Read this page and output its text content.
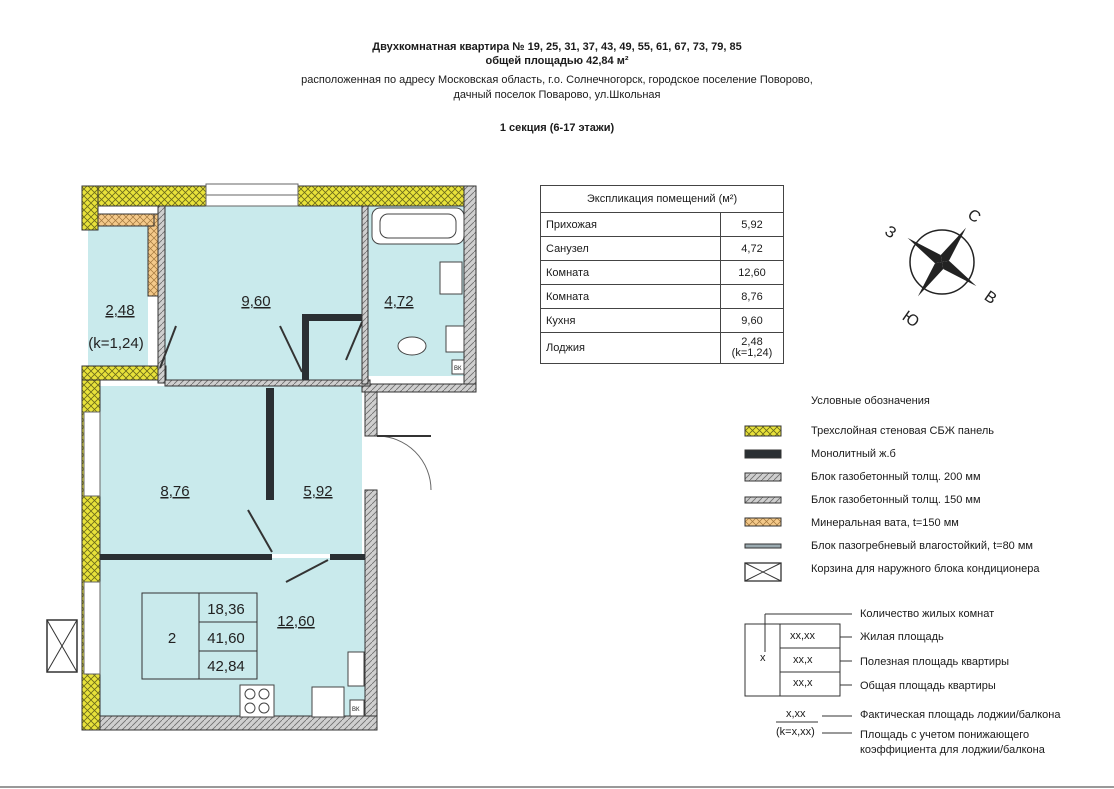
Двухкомнатная квартира № 19, 25, 31, 37, 43, 49, 55, 61, 67, 73, 79, 85
общей площадью 42,84 м²
расположенная по адресу Московская область, г.о. Солнечногорск, городское поселение Поворово,
дачный поселок Поварово, ул.Школьная
1 секция (6-17 этажи)
ВК
ВК
2,48
(k=1,24)
9,60	4,72
8,76	5,92
12,60
2
18,36
41,60
42,84
С
В
Ю
З
Экспликация помещений (м²)	
Прихожая	5,92
Санузел	4,72
Комната	12,60
Комната	8,76
Кухня	9,60
Лоджия	2,48
(k=1,24)
Условные обозначения
Трехслойная стеновая СБЖ панель
Монолитный ж.б
Блок газобетонный толщ. 200 мм
Блок газобетонный толщ. 150 мм
Минеральная вата, t=150 мм
Блок пазогребневый влагостойкий, t=80 мм
Корзина для наружного блока кондиционера
Количество жилых комнат
Жилая площадь
Полезная площадь квартиры
Общая площадь квартиры
x
xx,xx
xx,x
xx,x
x,xx
(k=x,xx)
Фактическая площадь лоджии/балкона
Площадь с учетом понижающего
коэффициента для лоджии/балкона
